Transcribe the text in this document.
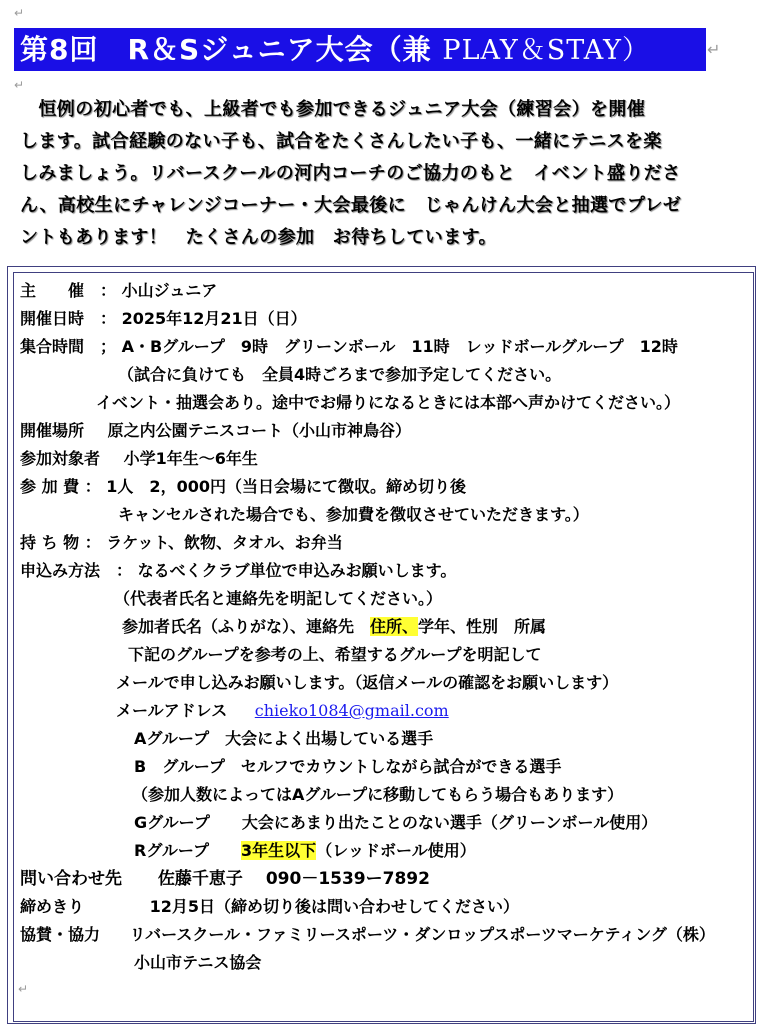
↵
第8回　R＆Sジュニア大会（兼 PLAY＆STAY）	↵
↵
　恒例の初心者でも、上級者でも参加できるジュニア大会（練習会）を開催
します。試合経験のない子も、試合をたくさんしたい子も、一緒にテニスを楽
しみましょう。リバースクールの河内コーチのご協力のもと　イベント盛りださ
ん、高校生にチャレンジコーナー・大会最後に　じゃんけん大会と抽選でプレゼ
ントもあります！　たくさんの参加　お待ちしています。
主　　催　： 小山ジュニア
開催日時　： 2025年12月21日（日）
集合時間　； A・Bグループ　9時　グリーンボール　11時　レッドボールグループ　12時
（試合に負けても　全員4時ごろまで参加予定してください。
イベント・抽選会あり。途中でお帰りになるときには本部へ声かけてください。）
開催場所 原之内公園テニスコート（小山市神鳥谷）
参加対象者 小学1年生～6年生
参 加 費 ： 1人　2，000円（当日会場にて徴収。締め切り後
キャンセルされた場合でも、参加費を徴収させていただきます。）
持 ち 物 ： ラケット、飲物、タオル、お弁当
申込み方法　： なるべくクラブ単位で申込みお願いします。
（代表者氏名と連絡先を明記してください。）
参加者氏名（ふりがな）、連絡先　住所、学年、性別　所属
下記のグループを参考の上、希望するグループを明記して
メールで申し込みお願いします。（返信メールの確認をお願いします）
メールアドレス chieko1084@gmail.com
Aグループ　大会によく出場している選手
B　グループ　セルフでカウントしながら試合ができる選手
（参加人数によってはAグループに移動してもらう場合もあります）
Gグループ　　大会にあまり出たことのない選手（グリーンボール使用）
Rグループ　　3年生以下（レッドボール使用）
問い合わせ先 佐藤千恵子　 090－1539ー7892
締めきり	12月5日（締め切り後は問い合わせしてください）
協賛・協力 リバースクール・ファミリースポーツ・ダンロップスポーツマーケティング（株）
小山市テニス協会
↵
